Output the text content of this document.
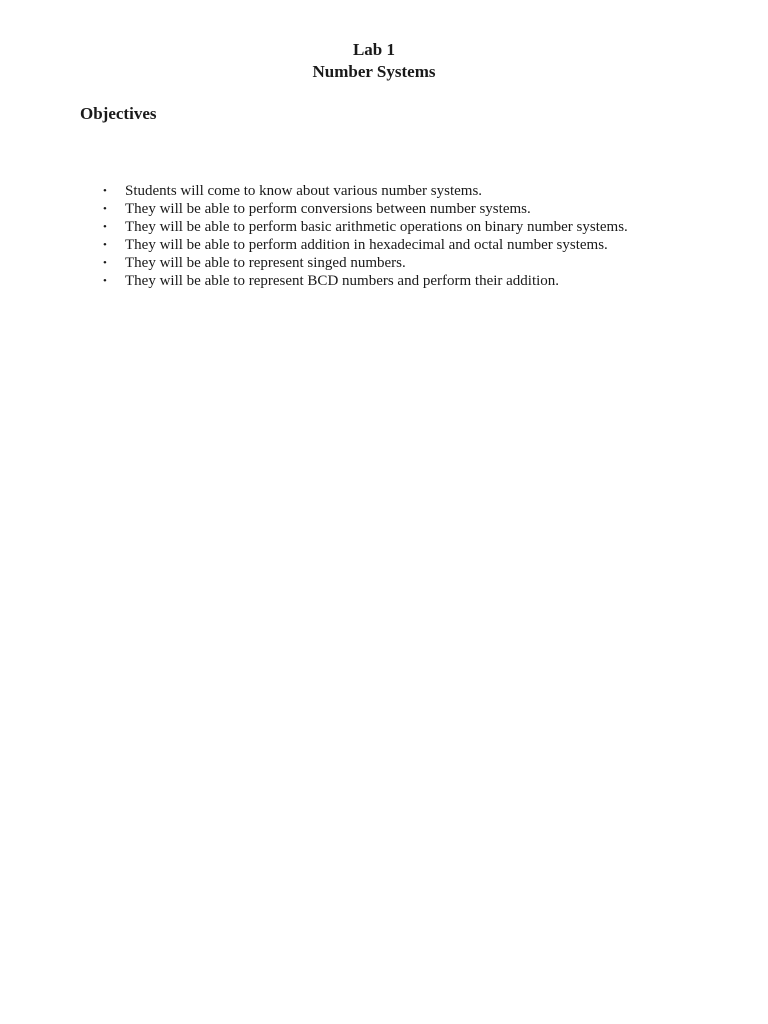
Lab 1
Number Systems
Objectives
• Students will come to know about various number systems.
• They will be able to perform conversions between number systems.
• They will be able to perform basic arithmetic operations on binary number systems.
• They will be able to perform addition in hexadecimal and octal number systems.
• They will be able to represent singed numbers.
• They will be able to represent BCD numbers and perform their addition.
